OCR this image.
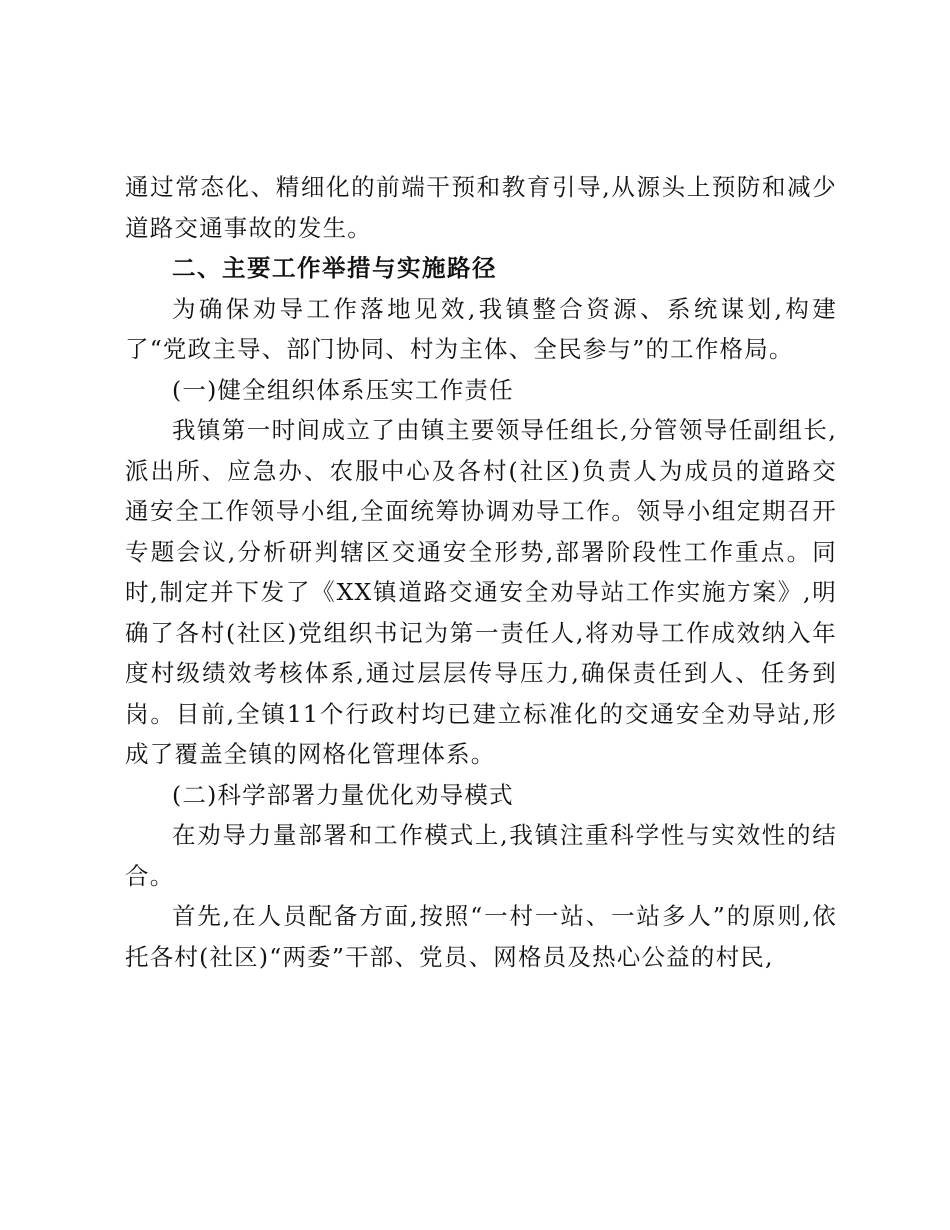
通过常态化、精细化的前端干预和教育引导,从源头上预防和减少道路交通事故的发生。

二、主要工作举措与实施路径

为确保劝导工作落地见效,我镇整合资源、系统谋划,构建了“党政主导、部门协同、村为主体、全民参与”的工作格局。

(一)健全组织体系压实工作责任

我镇第一时间成立了由镇主要领导任组长,分管领导任副组长,派出所、应急办、农服中心及各村(社区)负责人为成员的道路交通安全工作领导小组,全面统筹协调劝导工作。领导小组定期召开专题会议,分析研判辖区交通安全形势,部署阶段性工作重点。同时,制定并下发了《XX镇道路交通安全劝导站工作实施方案》,明确了各村(社区)党组织书记为第一责任人,将劝导工作成效纳入年度村级绩效考核体系,通过层层传导压力,确保责任到人、任务到岗。目前,全镇11个行政村均已建立标准化的交通安全劝导站,形成了覆盖全镇的网格化管理体系。

(二)科学部署力量优化劝导模式

在劝导力量部署和工作模式上,我镇注重科学性与实效性的结合。

首先,在人员配备方面,按照“一村一站、一站多人”的原则,依托各村(社区)“两委”干部、党员、网格员及热心公益的村民,
